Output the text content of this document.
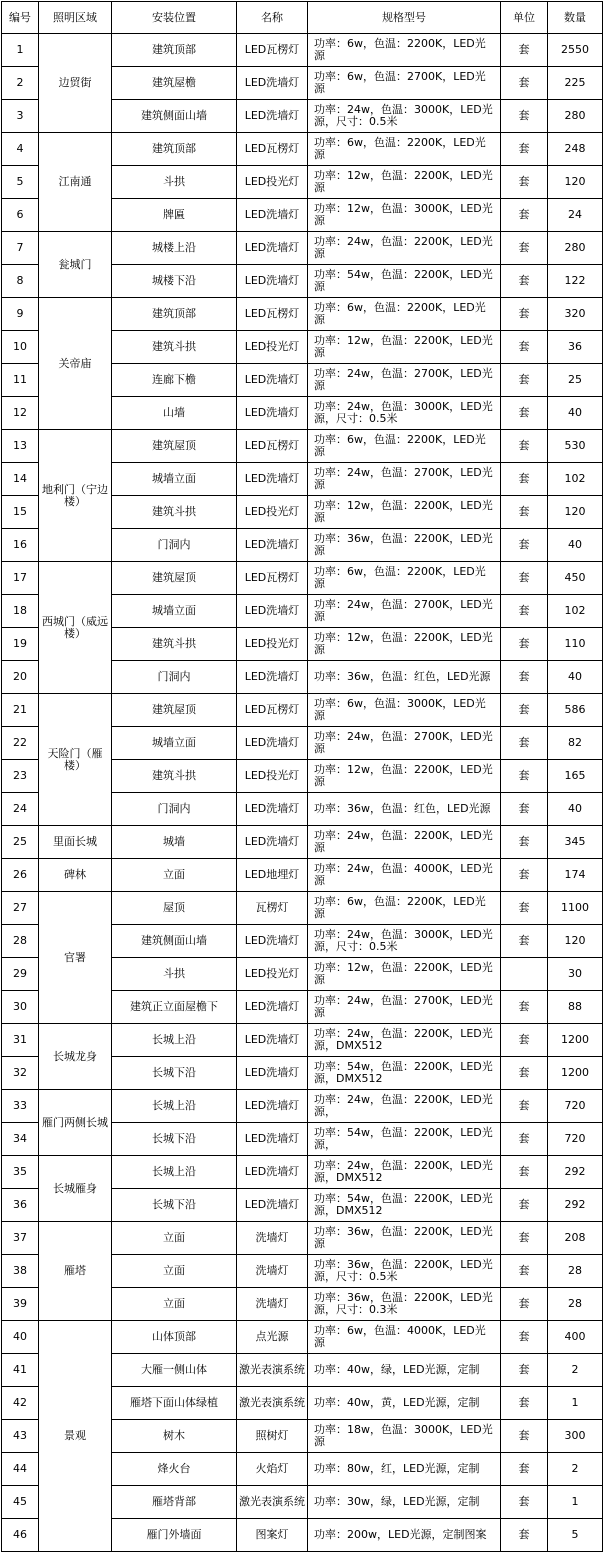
编号	照明区域	安装位置	名称	规格型号	单位	数量
1	边贸街	建筑顶部	LED瓦楞灯	功率：6w，色温：2200K，LED光源	套	2550
2		建筑屋檐	LED洗墙灯	功率：6w，色温：2700K，LED光源	套	225
3		建筑侧面山墙	LED洗墙灯	功率：24w，色温：3000K，LED光源，尺寸：0.5米	套	280
4	江南通	建筑顶部	LED瓦楞灯	功率：6w，色温：2200K，LED光源	套	248
5		斗拱	LED投光灯	功率：12w，色温：2200K，LED光源	套	120
6		牌匾	LED洗墙灯	功率：12w，色温：3000K，LED光源	套	24
7	瓮城门	城楼上沿	LED洗墙灯	功率：24w，色温：2200K，LED光源	套	280
8		城楼下沿	LED洗墙灯	功率：54w，色温：2200K，LED光源	套	122
9	关帝庙	建筑顶部	LED瓦楞灯	功率：6w，色温：2200K，LED光源	套	320
10		建筑斗拱	LED投光灯	功率：12w，色温：2200K，LED光源	套	36
11		连廊下檐	LED洗墙灯	功率：24w，色温：2700K，LED光源	套	25
12		山墙	LED洗墙灯	功率：24w，色温：3000K，LED光源，尺寸：0.5米	套	40
13	地利门（宁边楼）	建筑屋顶	LED瓦楞灯	功率：6w，色温：2200K，LED光源	套	530
14		城墙立面	LED洗墙灯	功率：24w，色温：2700K，LED光源	套	102
15		建筑斗拱	LED投光灯	功率：12w，色温：2200K，LED光源	套	120
16		门洞内	LED洗墙灯	功率：36w，色温：2200K，LED光源	套	40
17	西城门（威远楼）	建筑屋顶	LED瓦楞灯	功率：6w，色温：2200K，LED光源	套	450
18		城墙立面	LED洗墙灯	功率：24w，色温：2700K，LED光源	套	102
19		建筑斗拱	LED投光灯	功率：12w，色温：2200K，LED光源	套	110
20		门洞内	LED洗墙灯	功率：36w，色温：红色，LED光源	套	40
21	天险门（雁楼）	建筑屋顶	LED瓦楞灯	功率：6w，色温：3000K，LED光源	套	586
22		城墙立面	LED洗墙灯	功率：24w，色温：2700K，LED光源	套	82
23		建筑斗拱	LED投光灯	功率：12w，色温：2200K，LED光源	套	165
24		门洞内	LED洗墙灯	功率：36w，色温：红色，LED光源	套	40
25	里面长城	城墙	LED洗墙灯	功率：24w，色温：2200K，LED光源	套	345
26	碑林	立面	LED地埋灯	功率：24w，色温：4000K，LED光源	套	174
27	官署	屋顶	瓦楞灯	功率：6w，色温：2200K，LED光源	套	1100
28		建筑侧面山墙	LED洗墙灯	功率：24w，色温：3000K，LED光源，尺寸：0.5米	套	120
29		斗拱	LED投光灯	功率：12w，色温：2200K，LED光源		30
30		建筑正立面屋檐下	LED洗墙灯	功率：24w，色温：2700K，LED光源	套	88
31	长城龙身	长城上沿	LED洗墙灯	功率：24w，色温：2200K，LED光源，DMX512	套	1200
32		长城下沿	LED洗墙灯	功率：54w，色温：2200K，LED光源，DMX512	套	1200
33	雁门两侧长城	长城上沿	LED洗墙灯	功率：24w，色温：2200K，LED光源，	套	720
34		长城下沿	LED洗墙灯	功率：54w，色温：2200K，LED光源，	套	720
35	长城雁身	长城上沿	LED洗墙灯	功率：24w，色温：2200K，LED光源，DMX512	套	292
36		长城下沿	LED洗墙灯	功率：54w，色温：2200K，LED光源，DMX512	套	292
37	雁塔	立面	洗墙灯	功率：36w，色温：2200K，LED光源	套	208
38		立面	洗墙灯	功率：36w，色温：2200K，LED光源，尺寸：0.5米	套	28
39		立面	洗墙灯	功率：36w，色温：2200K，LED光源，尺寸：0.3米	套	28
40	景观	山体顶部	点光源	功率：6w，色温：4000K，LED光源	套	400
41		大雁一侧山体	激光表演系统	功率：40w，绿，LED光源，定制	套	2
42		雁塔下面山体绿植	激光表演系统	功率：40w，黄，LED光源，定制	套	1
43		树木	照树灯	功率：18w，色温：3000K，LED光源	套	300
44		烽火台	火焰灯	功率：80w，红，LED光源，定制	套	2
45		雁塔背部	激光表演系统	功率：30w，绿，LED光源，定制	套	1
46		雁门外墙面	图案灯	功率：200w，LED光源，定制图案	套	5
